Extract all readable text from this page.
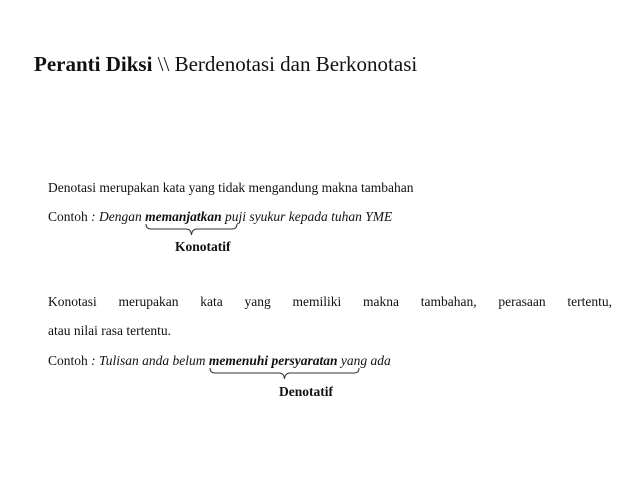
Peranti Diksi \\ Berdenotasi dan Berkonotasi
Denotasi merupakan kata yang tidak mengandung makna tambahan
Contoh : Dengan memanjatkan
puji syukur kepada tuhan YME
Konotatif
Konotasi merupakan kata yang memiliki makna tambahan, perasaan tertentu,
atau nilai rasa tertentu.
Contoh : Tulisan anda belum memenuhi persyaratan
yang ada
Denotatif
